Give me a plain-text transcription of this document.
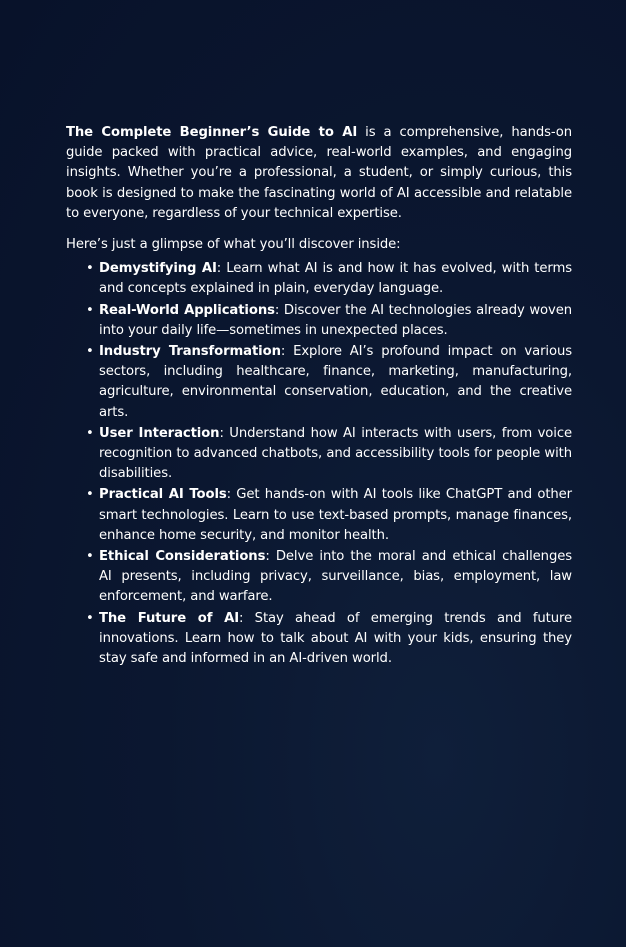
The Complete Beginner’s Guide to AI is a comprehensive, hands-on guide packed with practical advice, real-world examples, and engaging insights. Whether you’re a professional, a student, or simply curious, this book is designed to make the fascinating world of AI accessible and relatable to everyone, regardless of your technical expertise.

Here’s just a glimpse of what you’ll discover inside:

• Demystifying AI: Learn what AI is and how it has evolved, with terms and concepts explained in plain, everyday language.
• Real-World Applications: Discover the AI technologies already woven into your daily life—sometimes in unexpected places.
• Industry Transformation: Explore AI’s profound impact on various sectors, including healthcare, finance, marketing, manufacturing, agriculture, environmental conservation, education, and the creative arts.
• User Interaction: Understand how AI interacts with users, from voice recognition to advanced chatbots, and accessibility tools for people with disabilities.
• Practical AI Tools: Get hands-on with AI tools like ChatGPT and other smart technologies. Learn to use text-based prompts, manage finances, enhance home security, and monitor health.
• Ethical Considerations: Delve into the moral and ethical challenges AI presents, including privacy, surveillance, bias, employment, law enforcement, and warfare.
• The Future of AI: Stay ahead of emerging trends and future innovations. Learn how to talk about AI with your kids, ensuring they stay safe and informed in an AI-driven world.
